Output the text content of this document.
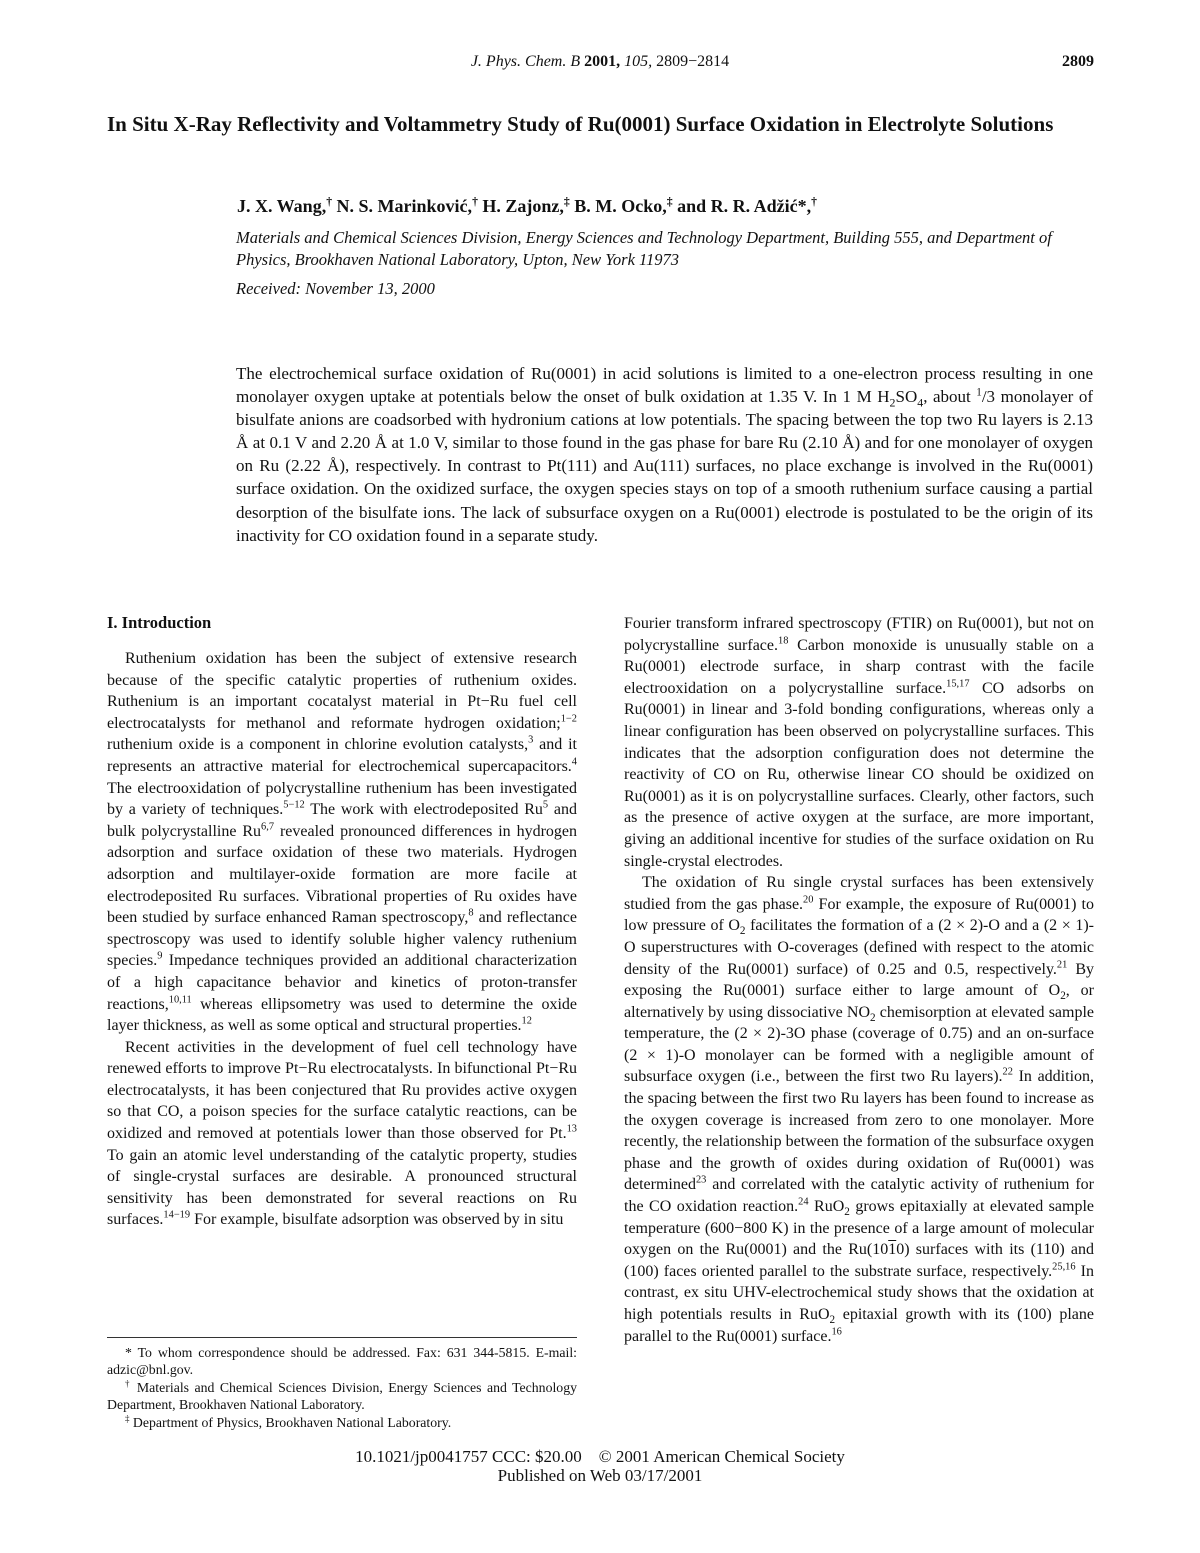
J. Phys. Chem. B 2001, 105, 2809−2814	2809
In Situ X-Ray Reflectivity and Voltammetry Study of Ru(0001) Surface Oxidation in Electrolyte Solutions
J. X. Wang,† N. S. Marinković,† H. Zajonz,‡ B. M. Ocko,‡ and R. R. Adžić*,†

Materials and Chemical Sciences Division, Energy Sciences and Technology Department, Building 555, and Department of Physics, Brookhaven National Laboratory, Upton, New York 11973

Received: November 13, 2000

The electrochemical surface oxidation of Ru(0001) in acid solutions is limited to a one-electron process resulting in one monolayer oxygen uptake at potentials below the onset of bulk oxidation at 1.35 V. In 1 M $H_2SO_4$, about $^1$/3 monolayer of bisulfate anions are coadsorbed with hydronium cations at low potentials. The spacing between the top two Ru layers is 2.13 Å at 0.1 V and 2.20 Å at 1.0 V, similar to those found in the gas phase for bare Ru (2.10 Å) and for one monolayer of oxygen on Ru (2.22 Å), respectively. In contrast to Pt(111) and Au(111) surfaces, no place exchange is involved in the Ru(0001) surface oxidation. On the oxidized surface, the oxygen species stays on top of a smooth ruthenium surface causing a partial desorption of the bisulfate ions. The lack of subsurface oxygen on a Ru(0001) electrode is postulated to be the origin of its inactivity for CO oxidation found in a separate study.

I. Introduction

Ruthenium oxidation has been the subject of extensive research because of the specific catalytic properties of ruthenium oxides. Ruthenium is an important cocatalyst material in Pt−Ru fuel cell electrocatalysts for methanol and reformate hydrogen oxidation;$^{1-2}$ ruthenium oxide is a component in chlorine evolution catalysts,$^3$ and it represents an attractive material for electrochemical supercapacitors.$^4$ The electrooxidation of polycrystalline ruthenium has been investigated by a variety of techniques.$^{5-12}$ The work with electrodeposited Ru$^5$ and bulk polycrystalline Ru$^{6,7}$ revealed pronounced differences in hydrogen adsorption and surface oxidation of these two materials. Hydrogen adsorption and multilayer-oxide formation are more facile at electrodeposited Ru surfaces. Vibrational properties of Ru oxides have been studied by surface enhanced Raman spectroscopy,$^8$ and reflectance spectroscopy was used to identify soluble higher valency ruthenium species.$^9$ Impedance techniques provided an additional characterization of a high capacitance behavior and kinetics of proton-transfer reactions,$^{10,11}$ whereas ellipsometry was used to determine the oxide layer thickness, as well as some optical and structural properties.$^{12}$

Recent activities in the development of fuel cell technology have renewed efforts to improve Pt−Ru electrocatalysts. In bifunctional Pt−Ru electrocatalysts, it has been conjectured that Ru provides active oxygen so that CO, a poison species for the surface catalytic reactions, can be oxidized and removed at potentials lower than those observed for Pt.$^{13}$ To gain an atomic level understanding of the catalytic property, studies of single-crystal surfaces are desirable. A pronounced structural sensitivity has been demonstrated for several reactions on Ru surfaces.$^{14-19}$ For example, bisulfate adsorption was observed by in situ

Fourier transform infrared spectroscopy (FTIR) on Ru(0001), but not on polycrystalline surface.$^{18}$ Carbon monoxide is unusually stable on a Ru(0001) electrode surface, in sharp contrast with the facile electrooxidation on a polycrystalline surface.$^{15,17}$ CO adsorbs on Ru(0001) in linear and 3-fold bonding configurations, whereas only a linear configuration has been observed on polycrystalline surfaces. This indicates that the adsorption configuration does not determine the reactivity of CO on Ru, otherwise linear CO should be oxidized on Ru(0001) as it is on polycrystalline surfaces. Clearly, other factors, such as the presence of active oxygen at the surface, are more important, giving an additional incentive for studies of the surface oxidation on Ru single-crystal electrodes.

The oxidation of Ru single crystal surfaces has been extensively studied from the gas phase.$^{20}$ For example, the exposure of Ru(0001) to low pressure of $O_2$ facilitates the formation of a (2 × 2)-O and a (2 × 1)-O superstructures with O-coverages (defined with respect to the atomic density of the Ru(0001) surface) of 0.25 and 0.5, respectively.$^{21}$ By exposing the Ru(0001) surface either to large amount of $O_2$, or alternatively by using dissociative $NO_2$ chemisorption at elevated sample temperature, the (2 × 2)-3O phase (coverage of 0.75) and an on-surface (2 × 1)-O monolayer can be formed with a negligible amount of subsurface oxygen (i.e., between the first two Ru layers).$^{22}$ In addition, the spacing between the first two Ru layers has been found to increase as the oxygen coverage is increased from zero to one monolayer. More recently, the relationship between the formation of the subsurface oxygen phase and the growth of oxides during oxidation of Ru(0001) was determined$^{23}$ and correlated with the catalytic activity of ruthenium for the CO oxidation reaction.$^{24}$ RuO$_2$ grows epitaxially at elevated sample temperature (600−800 K) in the presence of a large amount of molecular oxygen on the Ru(0001) and the Ru(1010) surfaces with its (110) and (100) faces oriented parallel to the substrate surface, respectively.$^{25,16}$ In contrast, ex situ UHV-electrochemical study shows that the oxidation at high potentials results in RuO$_2$ epitaxial growth with its (100) plane parallel to the Ru(0001) surface.$^{16}$

* To whom correspondence should be addressed. Fax: 631 344-5815. E-mail: adzic@bnl.gov.

† Materials and Chemical Sciences Division, Energy Sciences and Technology Department, Brookhaven National Laboratory.

‡ Department of Physics, Brookhaven National Laboratory.

10.1021/jp0041757 CCC: $20.00 © 2001 American Chemical Society
Published on Web 03/17/2001
